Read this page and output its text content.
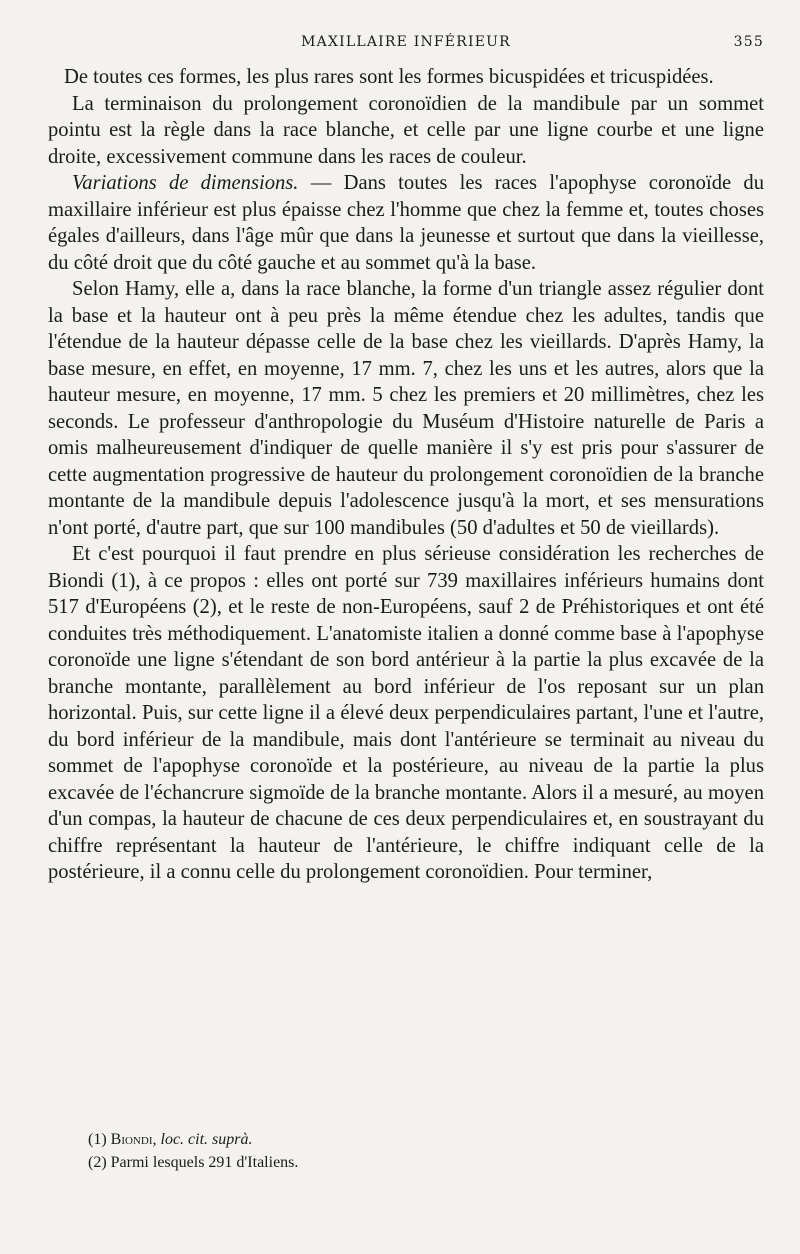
MAXILLAIRE INFÉRIEUR	355

De toutes ces formes, les plus rares sont les formes bicuspidées et tricuspidées.

La terminaison du prolongement coronoïdien de la mandibule par un sommet pointu est la règle dans la race blanche, et celle par une ligne courbe et une ligne droite, excessivement commune dans les races de couleur.

Variations de dimensions. — Dans toutes les races l'apophyse coronoïde du maxillaire inférieur est plus épaisse chez l'homme que chez la femme et, toutes choses égales d'ailleurs, dans l'âge mûr que dans la jeunesse et surtout que dans la vieillesse, du côté droit que du côté gauche et au sommet qu'à la base.

Selon Hamy, elle a, dans la race blanche, la forme d'un triangle assez régulier dont la base et la hauteur ont à peu près la même étendue chez les adultes, tandis que l'étendue de la hauteur dépasse celle de la base chez les vieillards. D'après Hamy, la base mesure, en effet, en moyenne, 17 mm. 7, chez les uns et les autres, alors que la hauteur mesure, en moyenne, 17 mm. 5 chez les premiers et 20 millimètres, chez les seconds. Le professeur d'anthropologie du Muséum d'Histoire naturelle de Paris a omis malheureusement d'indiquer de quelle manière il s'y est pris pour s'assurer de cette augmentation progressive de hauteur du prolongement coronoïdien de la branche montante de la mandibule depuis l'adolescence jusqu'à la mort, et ses mensurations n'ont porté, d'autre part, que sur 100 mandibules (50 d'adultes et 50 de vieillards).

Et c'est pourquoi il faut prendre en plus sérieuse considération les recherches de Biondi (1), à ce propos : elles ont porté sur 739 maxillaires inférieurs humains dont 517 d'Européens (2), et le reste de non-Européens, sauf 2 de Préhistoriques et ont été conduites très méthodiquement. L'anatomiste italien a donné comme base à l'apophyse coronoïde une ligne s'étendant de son bord antérieur à la partie la plus excavée de la branche montante, parallèlement au bord inférieur de l'os reposant sur un plan horizontal. Puis, sur cette ligne il a élevé deux perpendiculaires partant, l'une et l'autre, du bord inférieur de la mandibule, mais dont l'antérieure se terminait au niveau du sommet de l'apophyse coronoïde et la postérieure, au niveau de la partie la plus excavée de l'échancrure sigmoïde de la branche montante. Alors il a mesuré, au moyen d'un compas, la hauteur de chacune de ces deux perpendiculaires et, en soustrayant du chiffre représentant la hauteur de l'antérieure, le chiffre indiquant celle de la postérieure, il a connu celle du prolongement coronoïdien. Pour terminer,

(1) Biondi, loc. cit. suprà.

(2) Parmi lesquels 291 d'Italiens.
